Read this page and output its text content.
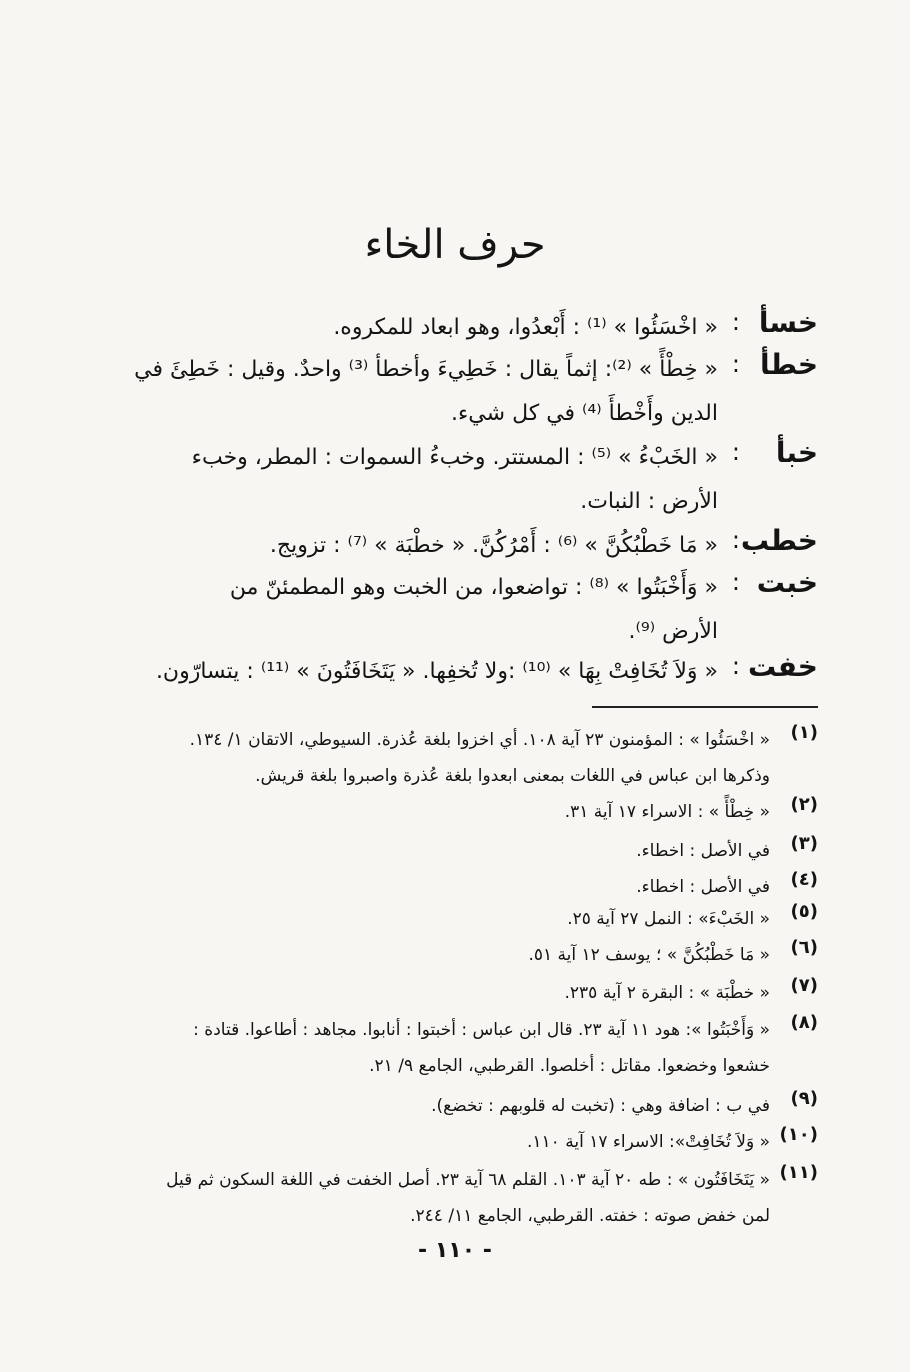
حرف الخاء
خسأ
:
« اخْسَئُوا » ⁽¹⁾ : أَبْعدُوا، وهو ابعاد للمكروه.
خطأ
:
« خِطْأً » ⁽²⁾: إثماً يقال : خَطِيءَ وأخطأ ⁽³⁾ واحدٌ. وقيل : خَطِئَ في
الدين وأَخْطأَ ⁽⁴⁾ في كل شيء.
خبأ
:
« الخَبْءُ » ⁽⁵⁾ : المستتر. وخبءُ السموات : المطر، وخبء
الأرض : النبات.
خطب
:
« مَا خَطْبُكُنَّ » ⁽⁶⁾ : أَمْرُكُنَّ. « خطْبَة » ⁽⁷⁾ : تزويج.
خبت
:
« وَأَخْبَتُوا » ⁽⁸⁾ : تواضعوا، من الخبت وهو المطمئنّ من
الأرض ⁽⁹⁾.
خفت
:
« وَلاَ تُخَافِتْ بِهَا » ⁽¹⁰⁾ :ولا تُخفِها. « يَتَخَافَتُونَ » ⁽¹¹⁾ : يتسارّون.
(١)
« اخْسَئُوا » : المؤمنون ٢٣ آية ١٠٨. أي اخزوا بلغة عُذرة. السيوطي، الاتقان ١/ ١٣٤.
وذكرها ابن عباس في اللغات بمعنى ابعدوا بلغة عُذرة واصبروا بلغة قريش.
(٢)
« خِطْأً » : الاسراء ١٧ آية ٣١.
(٣)
في الأصل : اخطاء.
(٤)
في الأصل : اخطاء.
(٥)
« الخَبْءَ» : النمل ٢٧ آية ٢٥.
(٦)
« مَا خَطْبُكُنَّ » ؛ يوسف ١٢ آية ٥١.
(٧)
« خطْبَة » : البقرة ٢ آية ٢٣٥.
(٨)
« وَأَخْبَتُوا »: هود ١١ آية ٢٣. قال ابن عباس : أخبتوا : أنابوا. مجاهد : أطاعوا. قتادة :
خشعوا وخضعوا. مقاتل : أخلصوا. القرطبي، الجامع ٩/ ٢١.
(٩)
في ب : اضافة وهي : (تخبت له قلوبهم : تخضع).
(١٠)
« وَلاَ تُخَافِتْ»: الاسراء ١٧ آية ١١٠.
(١١)
« يَتَخَافَتُون » : طه ٢٠ آية ١٠٣. القلم ٦٨ آية ٢٣. أصل الخفت في اللغة السكون ثم قيل
لمن خفض صوته : خفته. القرطبي، الجامع ١١/ ٢٤٤.
- ١١٠ -
